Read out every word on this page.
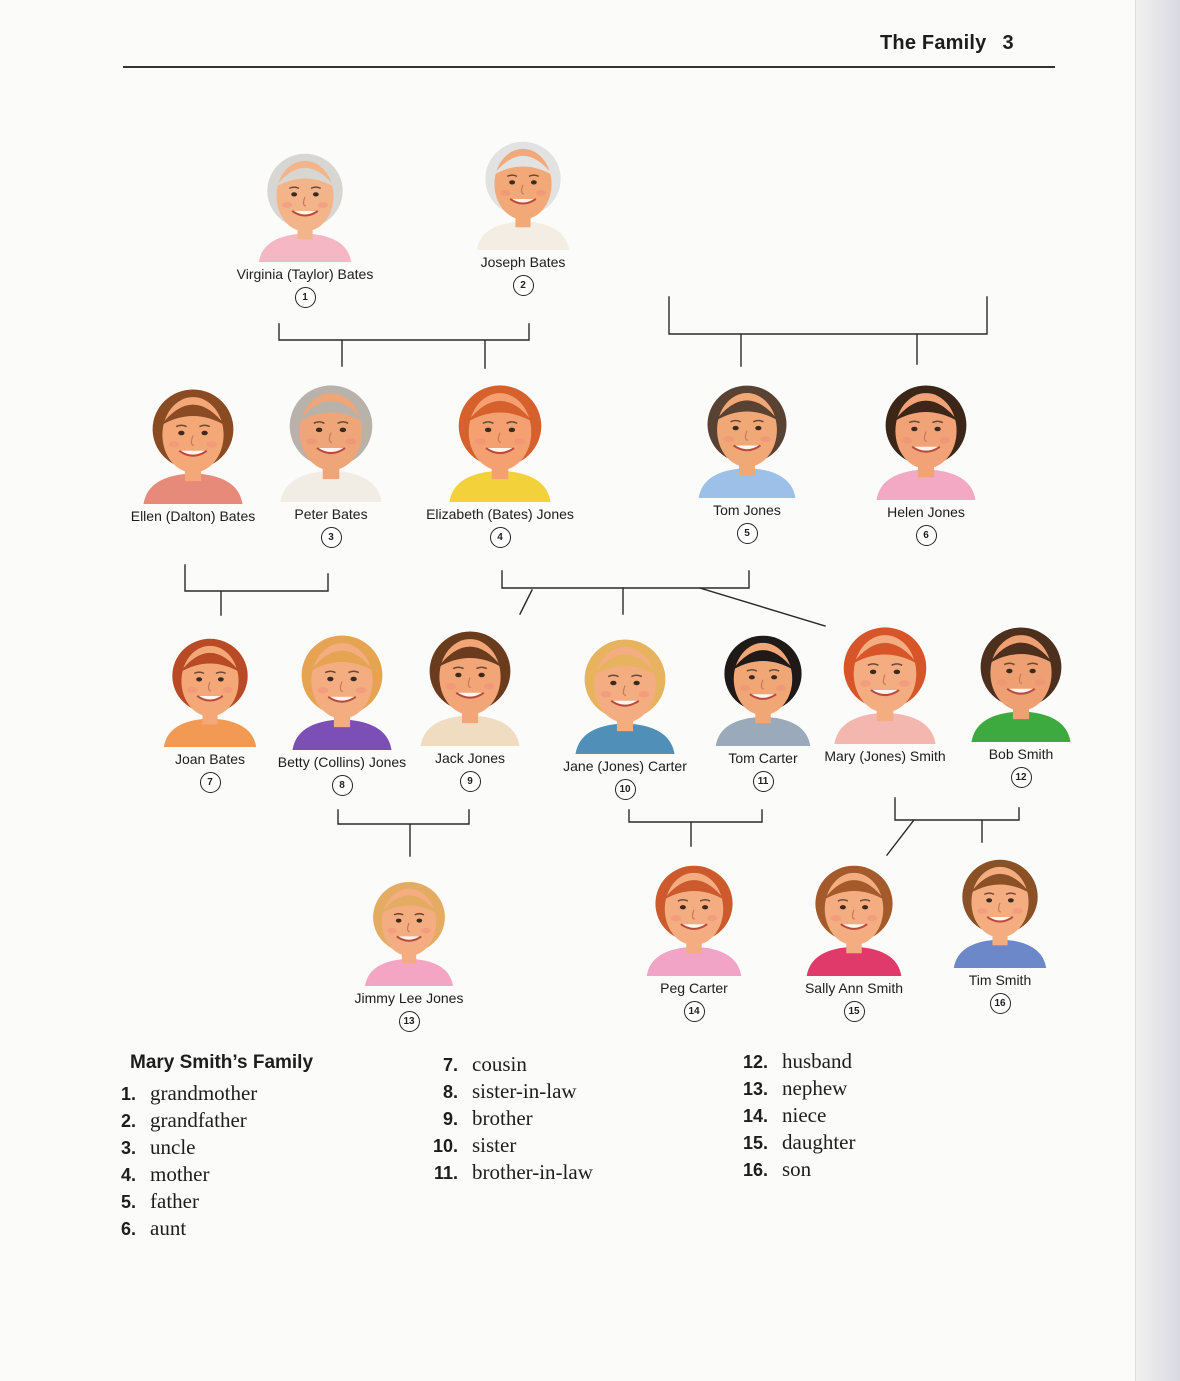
The Family 3
Virginia (Taylor) Bates
1
Joseph Bates
2
Ellen (Dalton) Bates	Peter Bates
3
Elizabeth (Bates) Jones
4
Tom Jones
5
Helen Jones
6
Joan Bates
7
Betty (Collins) Jones
8
Jack Jones
9
Jane (Jones) Carter
10
Tom Carter
11
Mary (Jones) Smith	Bob Smith
12
Jimmy Lee Jones
13
Peg Carter
14
Sally Ann Smith
15
Tim Smith
16
Mary Smith’s Family
1. grandmother
2. grandfather
3. uncle
4. mother
5. father
6. aunt
7. cousin
8. sister-in-law
9. brother
10. sister
11. brother-in-law
12. husband
13. nephew
14. niece
15. daughter
16. son
